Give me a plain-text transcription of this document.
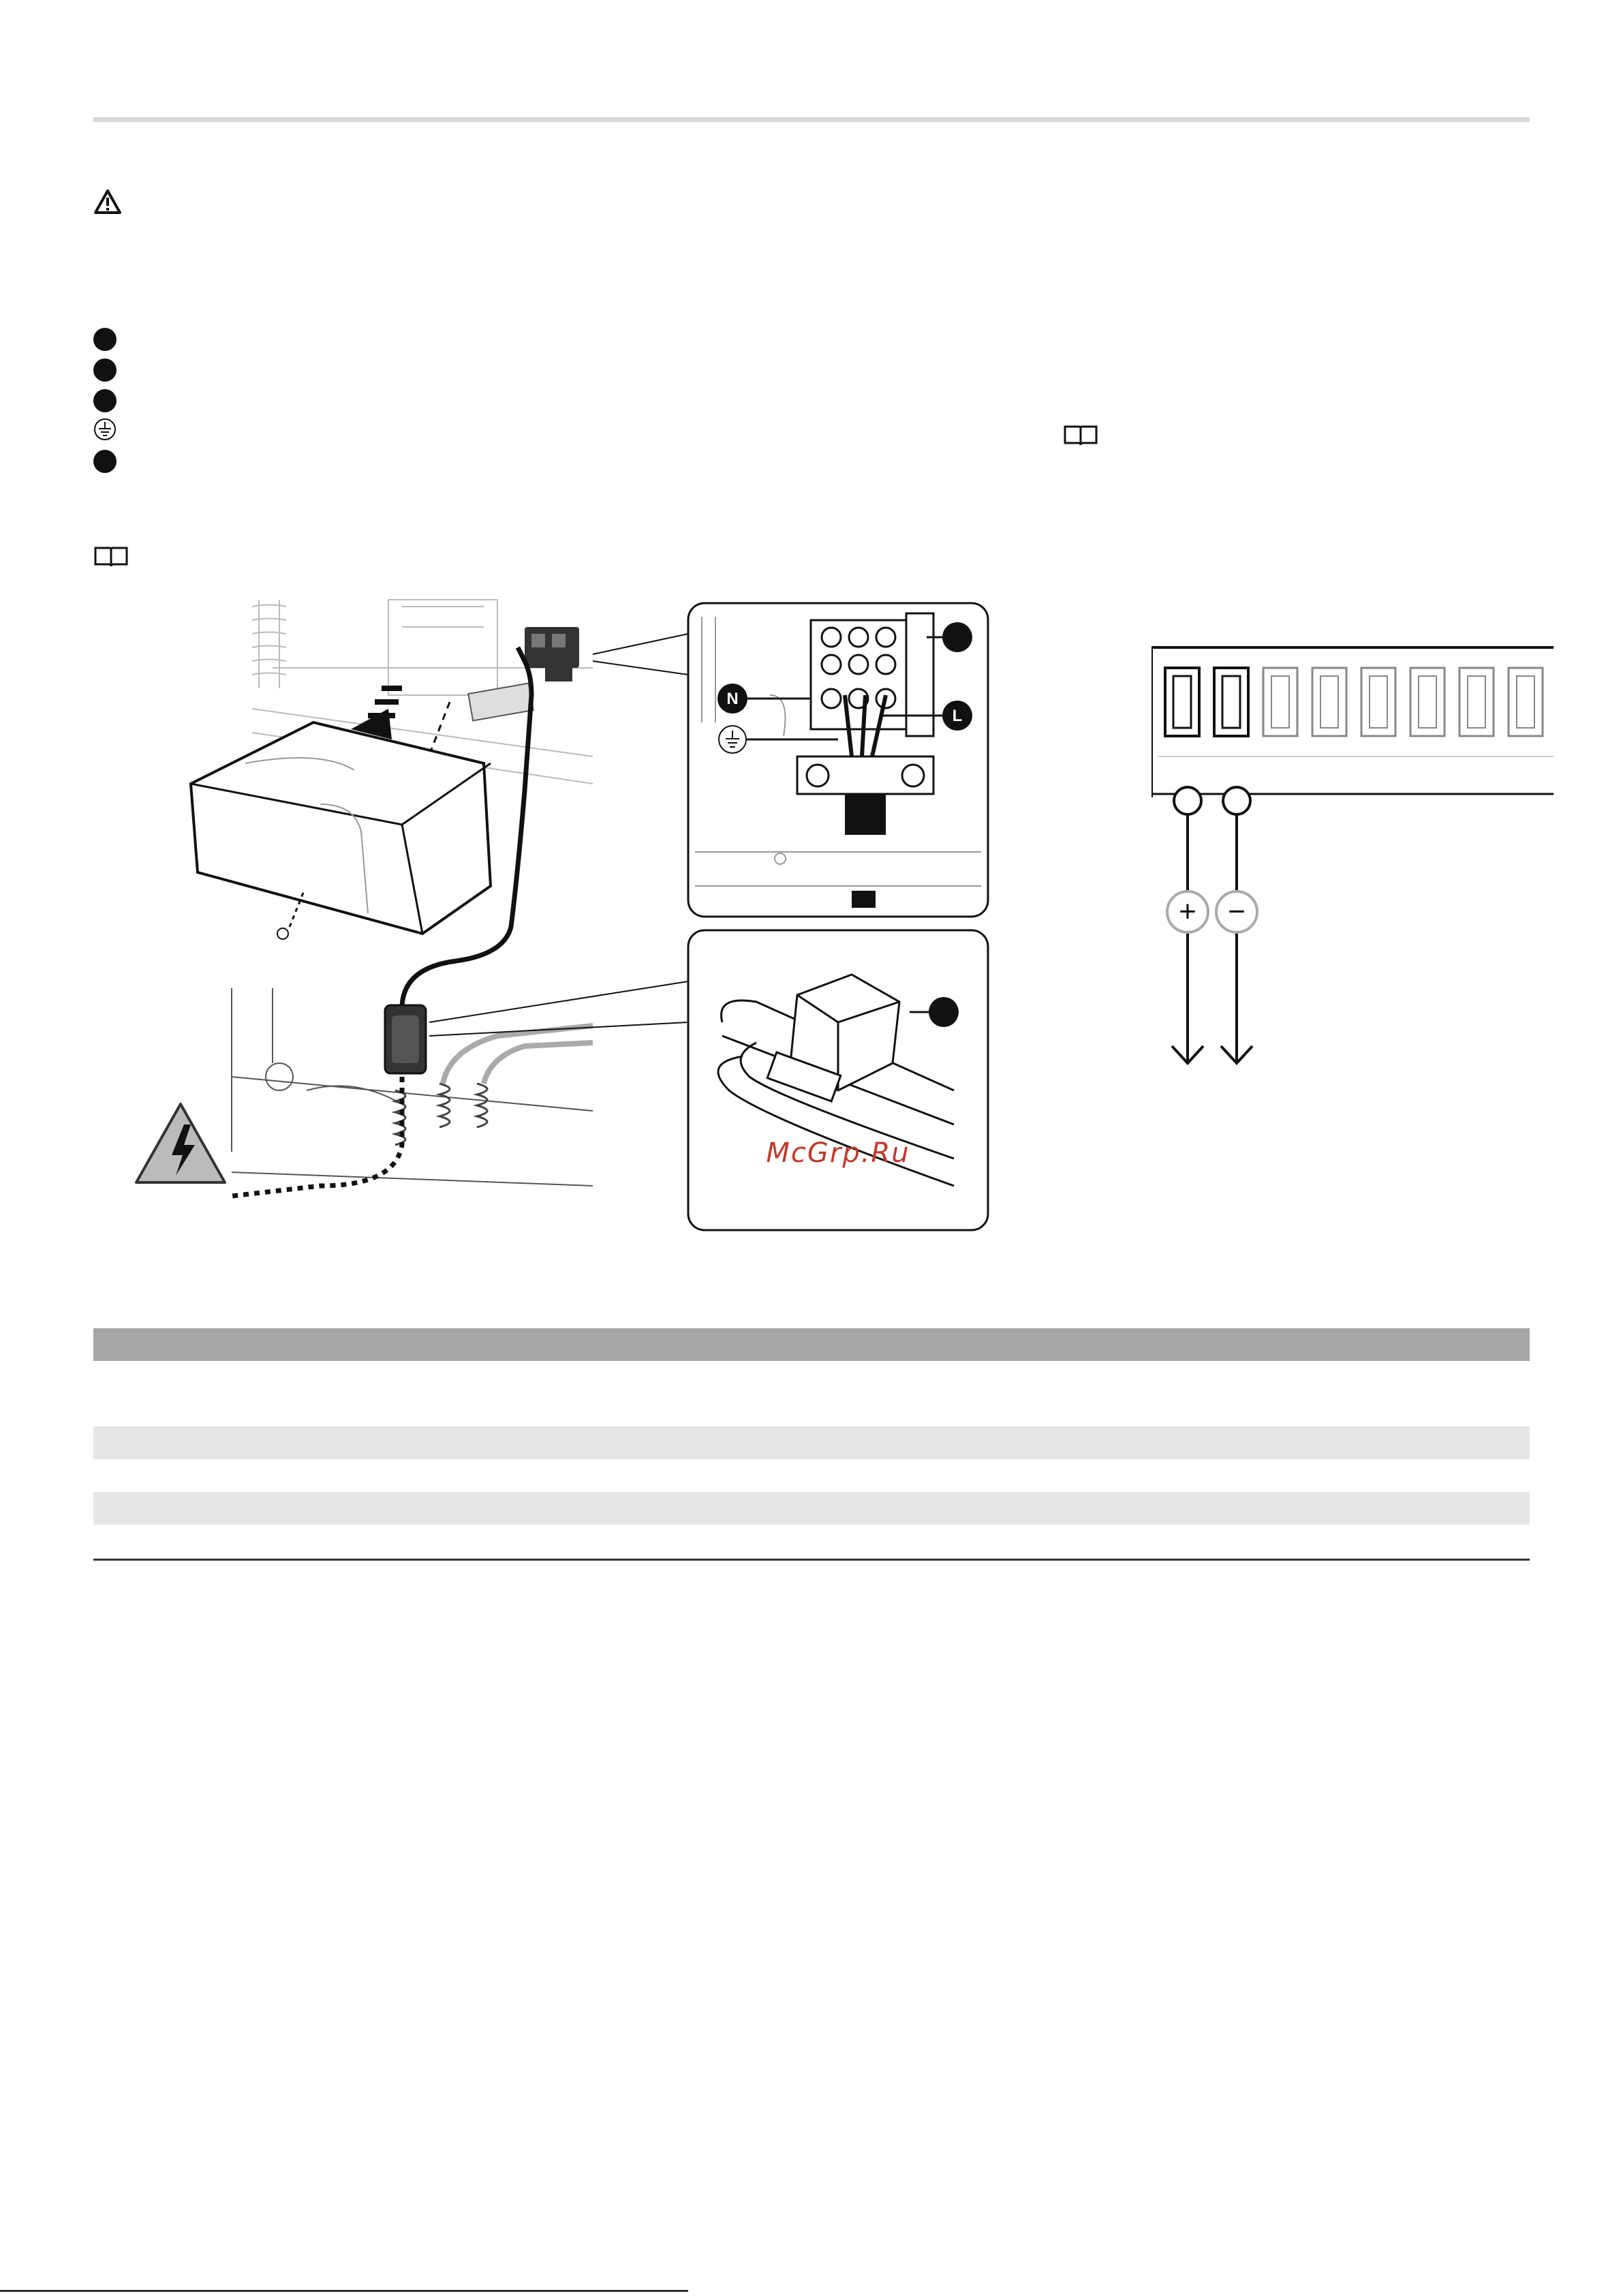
N
L
McGrp.Ru
+ −
